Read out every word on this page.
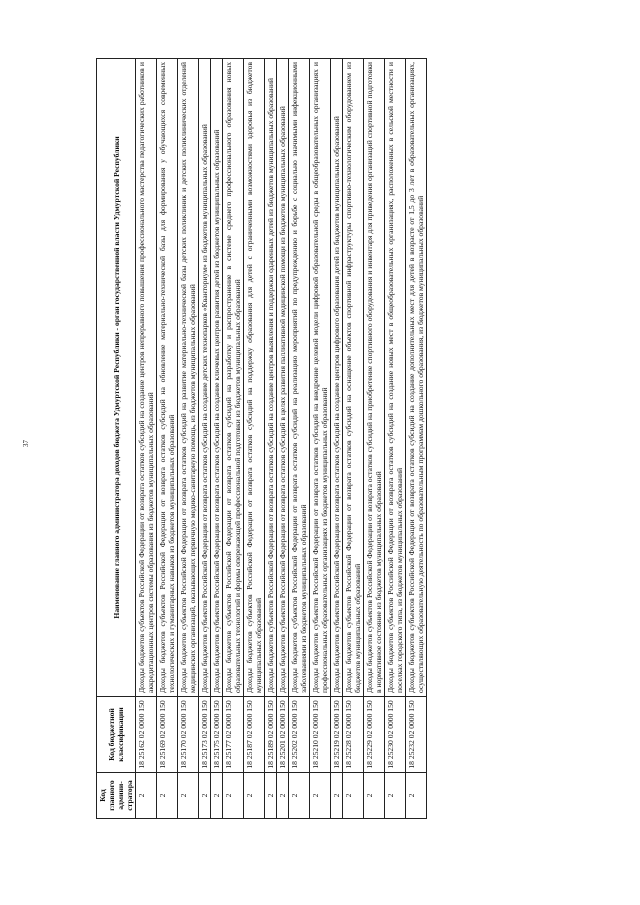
37
Код главного админи-стратора	Код бюджетной классификации	Наименование главного администратора доходов бюджета Удмуртской Республики - орган государственной власти Удмуртской Республики
2	18 25162 02 0000 150	Доходы бюджетов субъектов Российской Федерации от возврата остатков субсидий на создание центров непрерывного повышения профессионального мастерства педагогических работников и аккредитационных центров системы образования из бюджетов муниципальных образований
2	18 25169 02 0000 150	Доходы бюджетов субъектов Российской Федерации от возврата остатков субсидий на обновление материально-технической базы для формирования у обучающихся современных технологических и гуманитарных навыков из бюджетов муниципальных образований
2	18 25170 02 0000 150	Доходы бюджетов субъектов Российской Федерации от возврата остатков субсидий на развитие материально-технической базы детских поликлиник и детских поликлинических отделений медицинских организаций, оказывающих первичную медико-санитарную помощь, из бюджетов муниципальных образований
2	18 25173 02 0000 150	Доходы бюджетов субъектов Российской Федерации от возврата остатков субсидий на создание детских технопарков «Кванториум» из бюджетов муниципальных образований
2	18 25175 02 0000 150	Доходы бюджетов субъектов Российской Федерации от возврата остатков субсидий на создание ключевых центров развития детей из бюджетов муниципальных образований
2	18 25177 02 0000 150	Доходы бюджетов субъектов Российской Федерации от возврата остатков субсидий на разработку и распространение в системе среднего профессионального образования новых образовательных технологий и формы опережающей профессиональной подготовки из бюджетов муниципальных образований
2	18 25187 02 0000 150	Доходы бюджетов субъектов Российской Федерации от возврата остатков субсидий на поддержку образования для детей с ограниченными возможностями здоровья из бюджетов муниципальных образований
2	18 25189 02 0000 150	Доходы бюджетов субъектов Российской Федерации от возврата остатков субсидий на создание центров выявления и поддержки одаренных детей из бюджетов муниципальных образований
2	18 25201 02 0000 150	Доходы бюджетов субъектов Российской Федерации от возврата остатков субсидий в целях развития паллиативной медицинской помощи из бюджетов муниципальных образований
2	18 25202 02 0000 150	Доходы бюджетов субъектов Российской Федерации от возврата остатков субсидий на реализацию мероприятий по предупреждению и борьбе с социально значимыми инфекционными заболеваниями из бюджетов муниципальных образований
2	18 25210 02 0000 150	Доходы бюджетов субъектов Российской Федерации от возврата остатков субсидий на внедрение целевой модели цифровой образовательной среды в общеобразовательных организациях и профессиональных образовательных организациях из бюджетов муниципальных образований
2	18 25219 02 0000 150	Доходы бюджетов субъектов Российской Федерации от возврата остатков субсидий на создание центров цифрового образования детей из бюджетов муниципальных образований
2	18 25228 02 0000 150	Доходы бюджетов субъектов Российской Федерации от возврата остатков субсидий на оснащение объектов спортивной инфраструктуры спортивно-технологическим оборудованием из бюджетов муниципальных образований
2	18 25229 02 0000 150	Доходы бюджетов субъектов Российской Федерации от возврата остатков субсидий на приобретение спортивного оборудования и инвентаря для приведения организаций спортивной подготовки в нормативное состояние из бюджетов муниципальных образований
2	18 25230 02 0000 150	Доходы бюджетов субъектов Российской Федерации от возврата остатков субсидий на создание новых мест в общеобразовательных организациях, расположенных в сельской местности и поселках городского типа, из бюджетов муниципальных образований
2	18 25232 02 0000 150	Доходы бюджетов субъектов Российской Федерации от возврата остатков субсидий на создание дополнительных мест для детей в возрасте от 1,5 до 3 лет в образовательных организациях, осуществляющих образовательную деятельность по образовательным программам дошкольного образования, из бюджетов муниципальных образований
